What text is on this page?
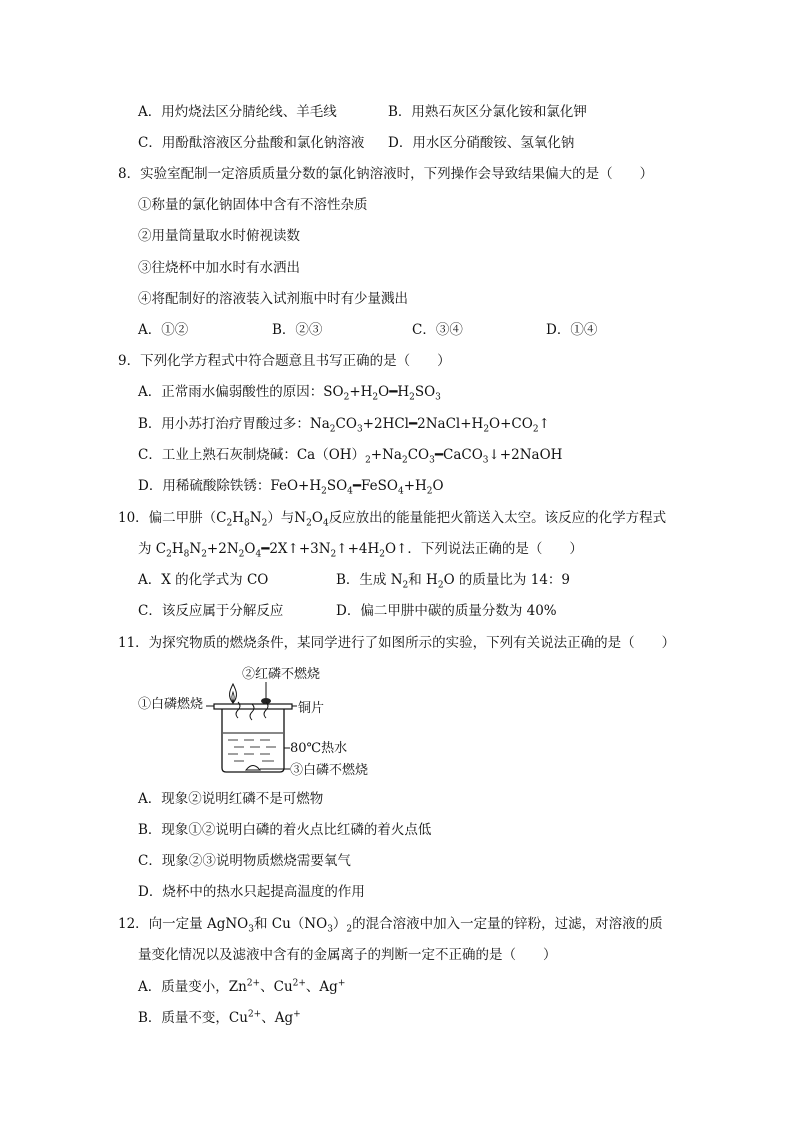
A．用灼烧法区分腈纶线、羊毛线	B．用熟石灰区分氯化铵和氯化钾
C．用酚酞溶液区分盐酸和氯化钠溶液 D．用水区分硝酸铵、氢氧化钠
8．实验室配制一定溶质质量分数的氯化钠溶液时，下列操作会导致结果偏大的是（　　）
①称量的氯化钠固体中含有不溶性杂质
②用量筒量取水时俯视读数
③往烧杯中加水时有水洒出
④将配制好的溶液装入试剂瓶中时有少量溅出
A．①②	B．②③	C．③④	D．①④
9．下列化学方程式中符合题意且书写正确的是（　　）
A．正常雨水偏弱酸性的原因：$SO_2+H_2O━H_2SO_3$
B．用小苏打治疗胃酸过多：$Na_2CO_3+2HCl━2NaCl+H_2O+CO_2↑$
C．工业上熟石灰制烧碱：$Ca(OH)_2+Na_2CO_3━CaCO_3↓+2NaOH$
D．用稀硫酸除铁锈：$FeO+H_2SO_4━FeSO_4+H_2O$
10．偏二甲肼$(C_2H_8N_2)$与$N_2O_4$反应放出的能量能把火箭送入太空。该反应的化学方程式
为 $C_2H_8N_2+2N_2O_4━2X↑+3N_2↑+4H_2O↑$．下列说法正确的是（　　）
A．X 的化学式为 CO	B．生成 $N_2$和 $H_2O$ 的质量比为 14：9
C．该反应属于分解反应	D．偏二甲肼中碳的质量分数为 40%
11．为探究物质的燃烧条件，某同学进行了如图所示的实验，下列有关说法正确的是（　　）
②红磷不燃烧
①白磷燃烧	铜片
80℃热水
③白磷不燃烧
A．现象②说明红磷不是可燃物
B．现象①②说明白磷的着火点比红磷的着火点低
C．现象②③说明物质燃烧需要氧气
D．烧杯中的热水只起提高温度的作用
12．向一定量 AgNO$_3$和 $Cu(NO_3)_2$的混合溶液中加入一定量的锌粉，过滤，对溶液的质
量变化情况以及滤液中含有的金属离子的判断一定不正确的是（　　）
A．质量变小，$Zn^{2+}$、$Cu^{2+}$、Ag+
B．质量不变，$Cu^{2+}$、Ag+
